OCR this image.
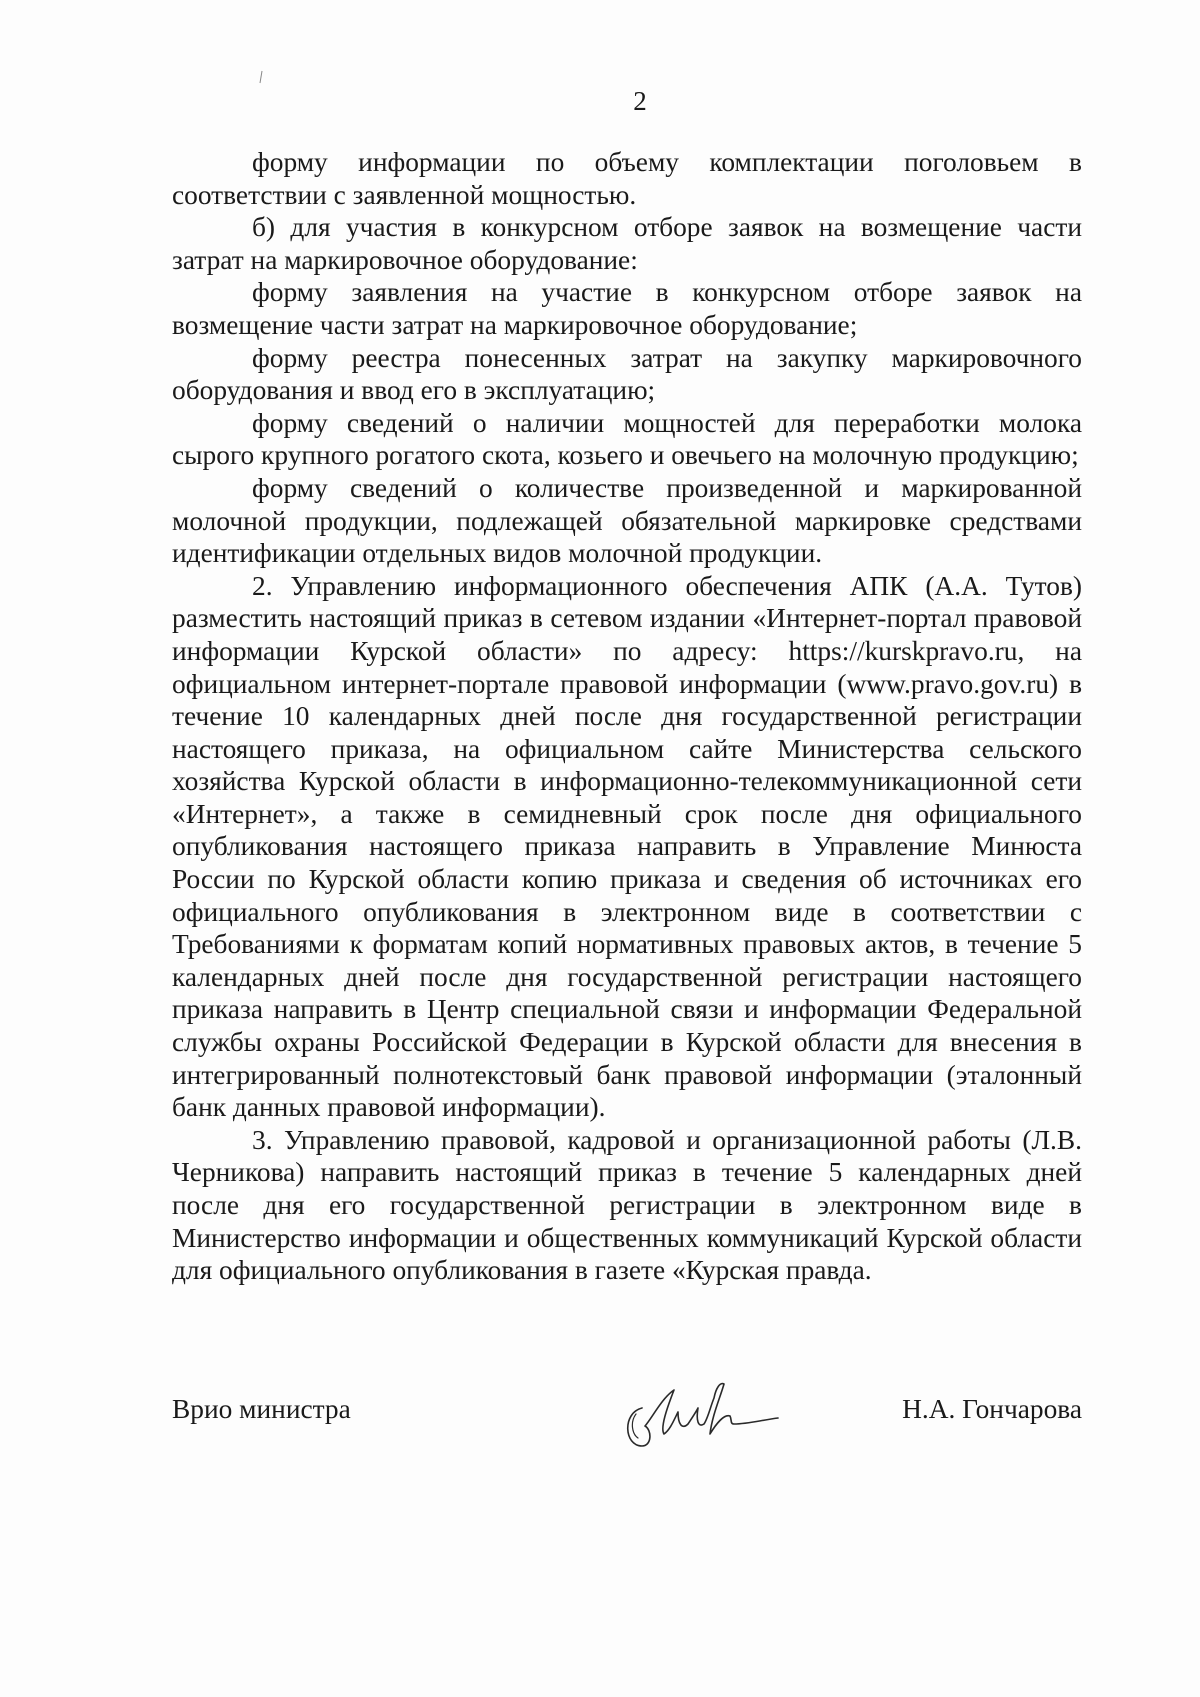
2

форму информации по объему комплектации поголовьем в соответствии с заявленной мощностью.

б) для участия в конкурсном отборе заявок на возмещение части затрат на маркировочное оборудование:

форму заявления на участие в конкурсном отборе заявок на возмещение части затрат на маркировочное оборудование;

форму реестра понесенных затрат на закупку маркировочного оборудования и ввод его в эксплуатацию;

форму сведений о наличии мощностей для переработки молока сырого крупного рогатого скота, козьего и овечьего на молочную продукцию;

форму сведений о количестве произведенной и маркированной молочной продукции, подлежащей обязательной маркировке средствами идентификации отдельных видов молочной продукции.

2. Управлению информационного обеспечения АПК (А.А. Тутов) разместить настоящий приказ в сетевом издании «Интернет-портал правовой информации Курской области» по адресу: https://kurskpravo.ru, на официальном интернет-портале правовой информации (www.pravo.gov.ru) в течение 10 календарных дней после дня государственной регистрации настоящего приказа, на официальном сайте Министерства сельского хозяйства Курской области в информационно-телекоммуникационной сети «Интернет», а также в семидневный срок после дня официального опубликования настоящего приказа направить в Управление Минюста России по Курской области копию приказа и сведения об источниках его официального опубликования в электронном виде в соответствии с Требованиями к форматам копий нормативных правовых актов, в течение 5 календарных дней после дня государственной регистрации настоящего приказа направить в Центр специальной связи и информации Федеральной службы охраны Российской Федерации в Курской области для внесения в интегрированный полнотекстовый банк правовой информации (эталонный банк данных правовой информации).

3. Управлению правовой, кадровой и организационной работы (Л.В. Черникова) направить настоящий приказ в течение 5 календарных дней после дня его государственной регистрации в электронном виде в Министерство информации и общественных коммуникаций Курской области для официального опубликования в газете «Курская правда.

Врио министра	Н.А. Гончарова
